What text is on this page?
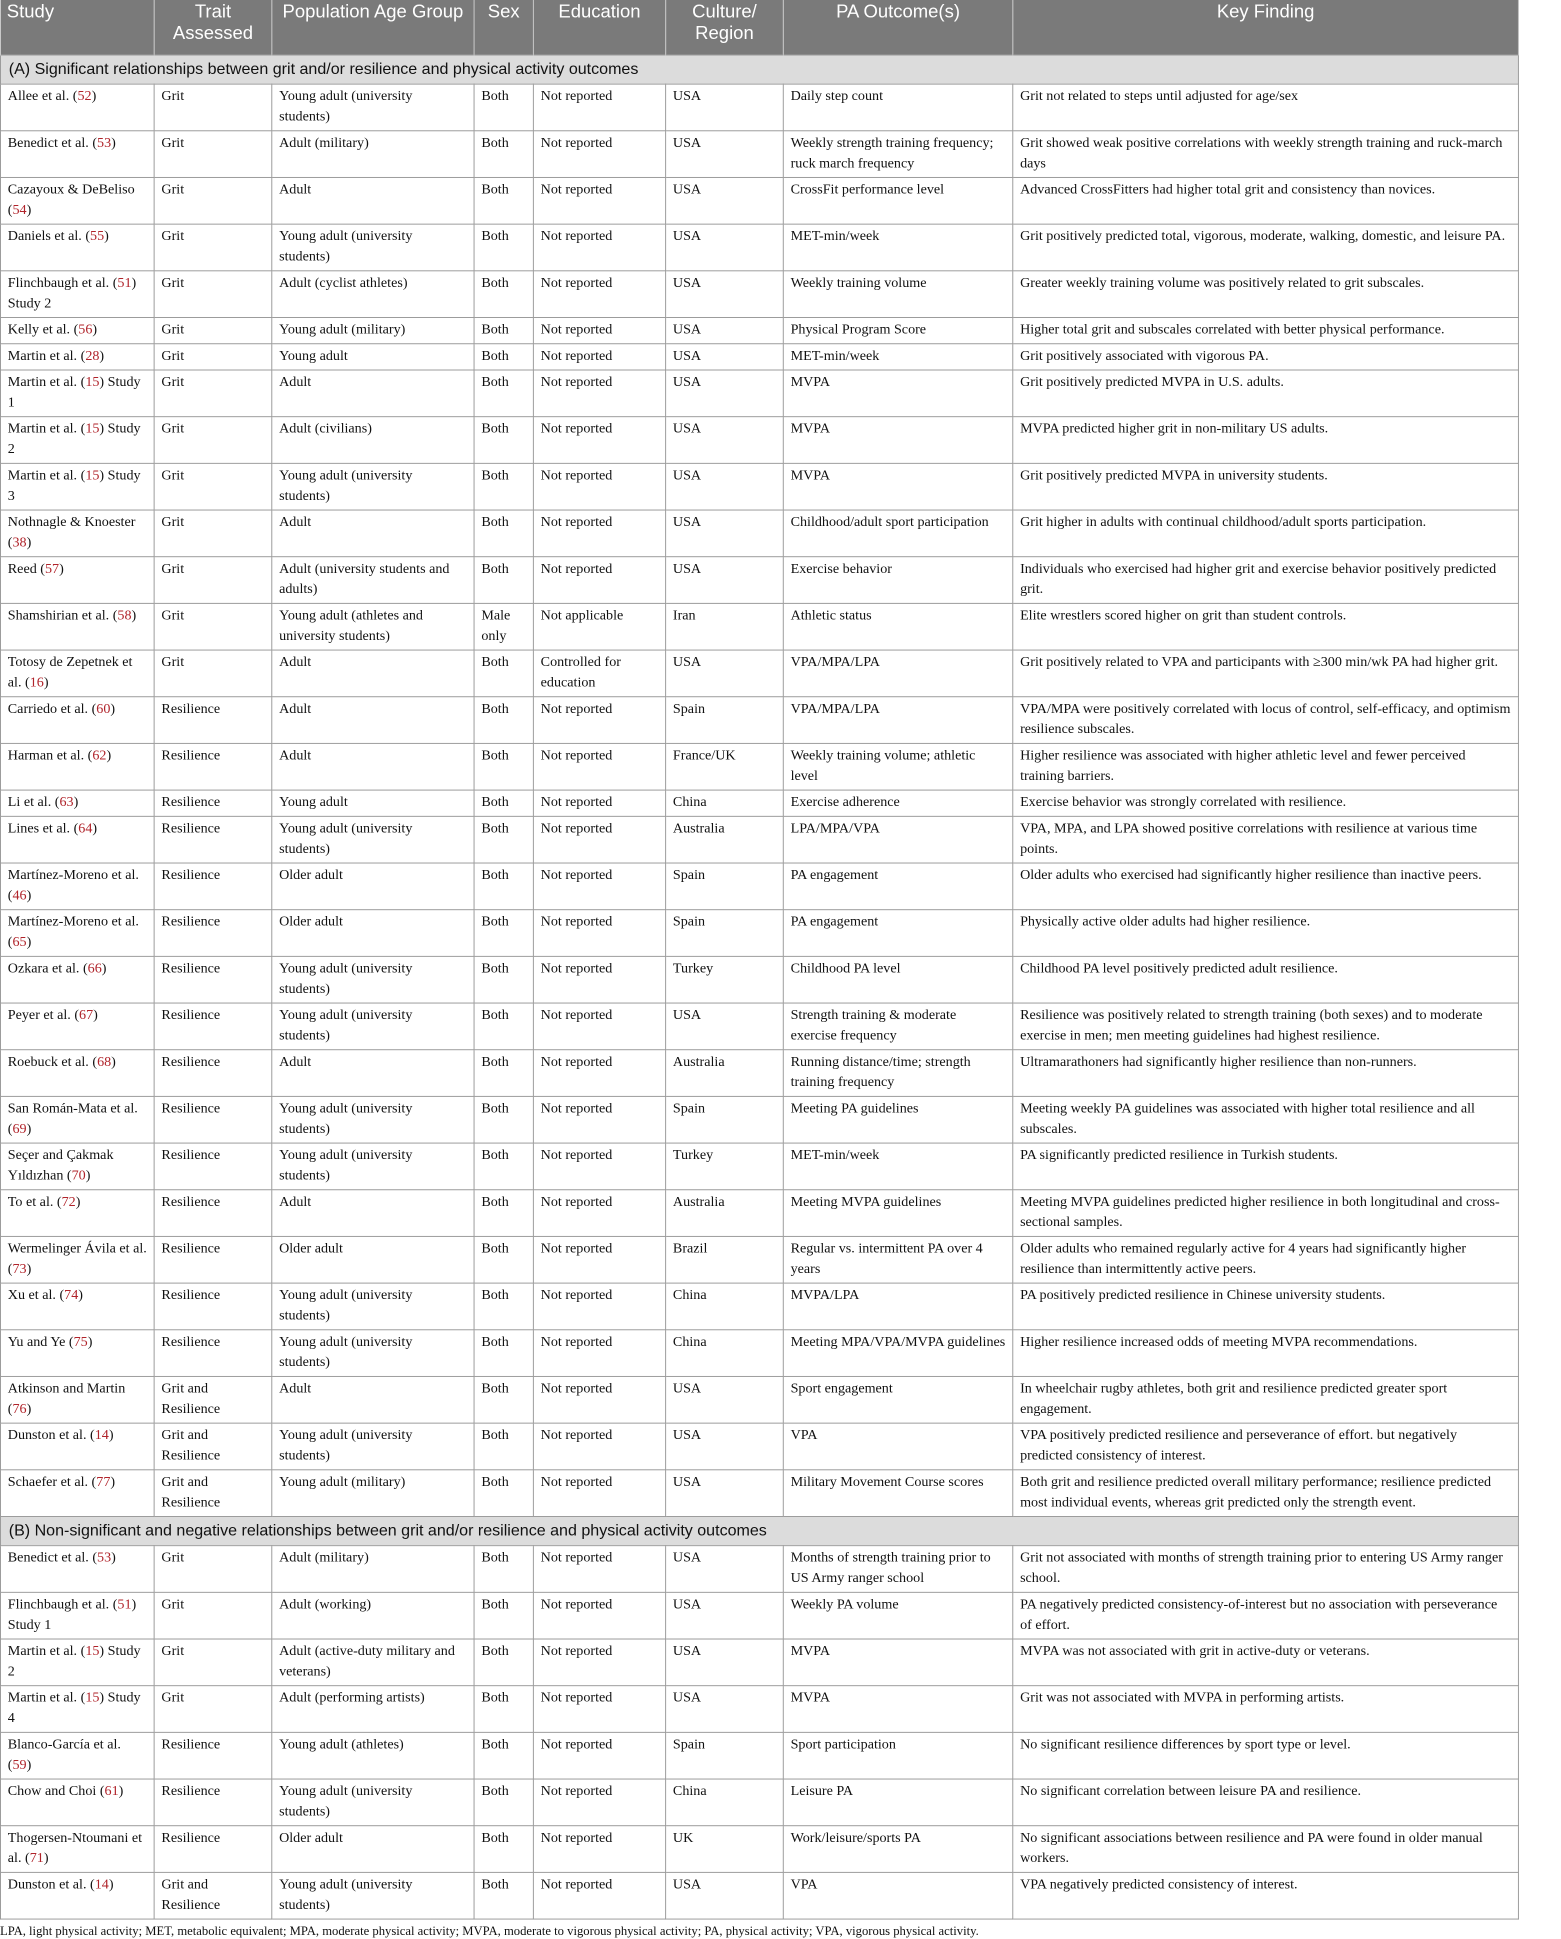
Study	Trait Assessed	Population Age Group	Sex	Education	Culture/ Region	PA Outcome(s)	Key Finding
(A) Significant relationships between grit and/or resilience and physical activity outcomes							
Allee et al. (52)	Grit	Young adult (university students)	Both	Not reported	USA	Daily step count	Grit not related to steps until adjusted for age/sex
Benedict et al. (53)	Grit	Adult (military)	Both	Not reported	USA	Weekly strength training frequency; ruck march frequency	Grit showed weak positive correlations with weekly strength training and ruck-march days
Cazayoux & DeBeliso (54)	Grit	Adult	Both	Not reported	USA	CrossFit performance level	Advanced CrossFitters had higher total grit and consistency than novices.
Daniels et al. (55)	Grit	Young adult (university students)	Both	Not reported	USA	MET-min/week	Grit positively predicted total, vigorous, moderate, walking, domestic, and leisure PA.
Flinchbaugh et al. (51) Study 2	Grit	Adult (cyclist athletes)	Both	Not reported	USA	Weekly training volume	Greater weekly training volume was positively related to grit subscales.
Kelly et al. (56)	Grit	Young adult (military)	Both	Not reported	USA	Physical Program Score	Higher total grit and subscales correlated with better physical performance.
Martin et al. (28)	Grit	Young adult	Both	Not reported	USA	MET-min/week	Grit positively associated with vigorous PA.
Martin et al. (15) Study 1	Grit	Adult	Both	Not reported	USA	MVPA	Grit positively predicted MVPA in U.S. adults.
Martin et al. (15) Study 2	Grit	Adult (civilians)	Both	Not reported	USA	MVPA	MVPA predicted higher grit in non-military US adults.
Martin et al. (15) Study 3	Grit	Young adult (university students)	Both	Not reported	USA	MVPA	Grit positively predicted MVPA in university students.
Nothnagle & Knoester (38)	Grit	Adult	Both	Not reported	USA	Childhood/adult sport participation	Grit higher in adults with continual childhood/adult sports participation.
Reed (57)	Grit	Adult (university students and adults)	Both	Not reported	USA	Exercise behavior	Individuals who exercised had higher grit and exercise behavior positively predicted grit.
Shamshirian et al. (58)	Grit	Young adult (athletes and university students)	Male only	Not applicable	Iran	Athletic status	Elite wrestlers scored higher on grit than student controls.
Totosy de Zepetnek et al. (16)	Grit	Adult	Both	Controlled for education	USA	VPA/MPA/LPA	Grit positively related to VPA and participants with ≥300 min/wk PA had higher grit.
Carriedo et al. (60)	Resilience	Adult	Both	Not reported	Spain	VPA/MPA/LPA	VPA/MPA were positively correlated with locus of control, self-efficacy, and optimism resilience subscales.
Harman et al. (62)	Resilience	Adult	Both	Not reported	France/UK	Weekly training volume; athletic level	Higher resilience was associated with higher athletic level and fewer perceived training barriers.
Li et al. (63)	Resilience	Young adult	Both	Not reported	China	Exercise adherence	Exercise behavior was strongly correlated with resilience.
Lines et al. (64)	Resilience	Young adult (university students)	Both	Not reported	Australia	LPA/MPA/VPA	VPA, MPA, and LPA showed positive correlations with resilience at various time points.
Martínez-Moreno et al. (46)	Resilience	Older adult	Both	Not reported	Spain	PA engagement	Older adults who exercised had significantly higher resilience than inactive peers.
Martínez-Moreno et al. (65)	Resilience	Older adult	Both	Not reported	Spain	PA engagement	Physically active older adults had higher resilience.
Ozkara et al. (66)	Resilience	Young adult (university students)	Both	Not reported	Turkey	Childhood PA level	Childhood PA level positively predicted adult resilience.
Peyer et al. (67)	Resilience	Young adult (university students)	Both	Not reported	USA	Strength training & moderate exercise frequency	Resilience was positively related to strength training (both sexes) and to moderate exercise in men; men meeting guidelines had highest resilience.
Roebuck et al. (68)	Resilience	Adult	Both	Not reported	Australia	Running distance/time; strength training frequency	Ultramarathoners had significantly higher resilience than non-runners.
San Román-Mata et al. (69)	Resilience	Young adult (university students)	Both	Not reported	Spain	Meeting PA guidelines	Meeting weekly PA guidelines was associated with higher total resilience and all subscales.
Seçer and Çakmak Yıldızhan (70)	Resilience	Young adult (university students)	Both	Not reported	Turkey	MET-min/week	PA significantly predicted resilience in Turkish students.
To et al. (72)	Resilience	Adult	Both	Not reported	Australia	Meeting MVPA guidelines	Meeting MVPA guidelines predicted higher resilience in both longitudinal and cross-sectional samples.
Wermelinger Ávila et al. (73)	Resilience	Older adult	Both	Not reported	Brazil	Regular vs. intermittent PA over 4 years	Older adults who remained regularly active for 4 years had significantly higher resilience than intermittently active peers.
Xu et al. (74)	Resilience	Young adult (university students)	Both	Not reported	China	MVPA/LPA	PA positively predicted resilience in Chinese university students.
Yu and Ye (75)	Resilience	Young adult (university students)	Both	Not reported	China	Meeting MPA/VPA/MVPA guidelines	Higher resilience increased odds of meeting MVPA recommendations.
Atkinson and Martin (76)	Grit and Resilience	Adult	Both	Not reported	USA	Sport engagement	In wheelchair rugby athletes, both grit and resilience predicted greater sport engagement.
Dunston et al. (14)	Grit and Resilience	Young adult (university students)	Both	Not reported	USA	VPA	VPA positively predicted resilience and perseverance of effort. but negatively predicted consistency of interest.
Schaefer et al. (77)	Grit and Resilience	Young adult (military)	Both	Not reported	USA	Military Movement Course scores	Both grit and resilience predicted overall military performance; resilience predicted most individual events, whereas grit predicted only the strength event.
(B) Non-significant and negative relationships between grit and/or resilience and physical activity outcomes							
Benedict et al. (53)	Grit	Adult (military)	Both	Not reported	USA	Months of strength training prior to US Army ranger school	Grit not associated with months of strength training prior to entering US Army ranger school.
Flinchbaugh et al. (51) Study 1	Grit	Adult (working)	Both	Not reported	USA	Weekly PA volume	PA negatively predicted consistency-of-interest but no association with perseverance of effort.
Martin et al. (15) Study 2	Grit	Adult (active-duty military and veterans)	Both	Not reported	USA	MVPA	MVPA was not associated with grit in active-duty or veterans.
Martin et al. (15) Study 4	Grit	Adult (performing artists)	Both	Not reported	USA	MVPA	Grit was not associated with MVPA in performing artists.
Blanco-García et al. (59)	Resilience	Young adult (athletes)	Both	Not reported	Spain	Sport participation	No significant resilience differences by sport type or level.
Chow and Choi (61)	Resilience	Young adult (university students)	Both	Not reported	China	Leisure PA	No significant correlation between leisure PA and resilience.
Thogersen-Ntoumani et al. (71)	Resilience	Older adult	Both	Not reported	UK	Work/leisure/sports PA	No significant associations between resilience and PA were found in older manual workers.
Dunston et al. (14)	Grit and Resilience	Young adult (university students)	Both	Not reported	USA	VPA	VPA negatively predicted consistency of interest.
LPA, light physical activity; MET, metabolic equivalent; MPA, moderate physical activity; MVPA, moderate to vigorous physical activity; PA, physical activity; VPA, vigorous physical activity.
